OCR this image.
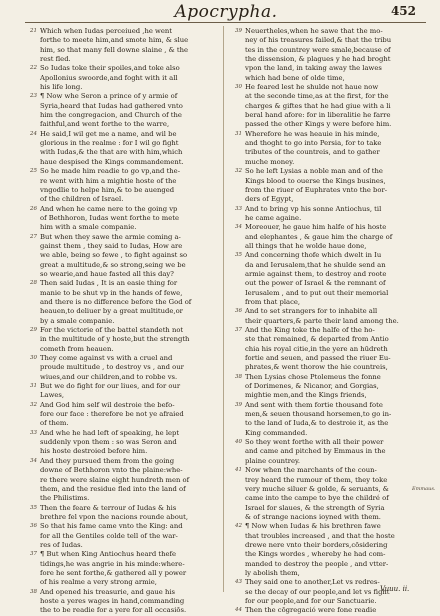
Apocrypha.	452
21 Which when Iudas perceiued ,he went
forthe to meete him,and smote him, & slue
him, so that many fell downe slaine , & the
rest fled.
22 So Iudas toke their spoiles,and toke also
Apollonius swoorde,and foght with it all
his life long.
23 ¶ Now whe Seron a prince of y armie of
Syria,heard that Iudas had gathered vnto
him the congregacion, and Church of the
faithful,and went forthe to the warre,
24 He said,I wil get me a name, and wil be
glorious in the realme : for I wil go fight
with Iudas,& the that are with him,which
haue despised the Kings commandement.
25 So he made him readie to go vp,and the-
re went with him a mightie hoste of the
vngodlie to helpe him,& to be auenged
of the children of Israel.
26 And when he came nere to the going vp
of Bethhoron, Iudas went forthe to mete
him with a smale companie.
27 But when they sawe the armie coming a-
gainst them , they said to Iudas, How are
we able, being so fewe , to fight against so
great a multitude,& so strong,seing we be
so wearie,and haue fasted all this day?
28 Then said Iudas , It is an easie thing for
manie to be shut vp in the hands of fewe,
and there is no difference before the God of
heauen,to deliuer by a great multitude,or
by a smale companie.
29 For the victorie of the battel standeth not
in the multitude of y hoste,but the strength
cometh from heauen.
30 They come against vs with a cruel and
proude multitude , to destroy vs , and our
wiues,and our children,and to robbe vs.
31 But we do fight for our liues, and for our
Lawes,
32 And God him self wil destroie the befo-
fore our face : therefore be not ye afraied
of them.
33 And whe he had left of speaking, he lept
suddenly vpon them : so was Seron and
his hoste destroied before him.
34 And they pursued them from the going
downe of Bethhoron vnto the plaine:whe-
re there were slaine eight hundreth men of
them, and the residue fled into the land of
the Philistims.
35 Then the feare & terrour of Iudas & his
brethre fel vpon the nacions rounde about,
36 So that his fame came vnto the King: and
for all the Gentiles colde tell of the war-
res of Iudas.
37 ¶ But when King Antiochus heard thefe
tidings,he was angrie in his minde:where-
fore he sent forthe,& gathered all y power
of his realme a very strong armie,
38 And opened his treasurie, and gaue his
hoste a yeres wages in hand,commanding
the to be readie for a yere for all occasiōs.
39 Neuertheles,when he sawe that the mo-
ney of his treasures failed,& that the tribu
tes in the countrey were smale,because of
the dissension, & plagues y he had broght
vpon the land, in taking away the lawes
which had bene of olde time,
30 He feared lest he shulde not haue now
at the seconde time,as at the first, for the
charges & giftes that he had giue with a li
beral hand afore: for in liberalitie he farre
passed the other Kings y were before him.
31 Wherefore he was heauie in his minde,
and thoght to go into Persia, for to take
tributes of the countreis, and to gather
muche money.
32 So he left Lysias a noble man and of the
Kings blood to ouerse the Kings busines,
from the riuer of Euphrates vnto the bor-
ders of Egypt,
33 And to bring vp his sonne Antiochus, til
he came againe.
34 Moreouer, he gaue him halfe of his hoste
and elephantes , & gaue him the charge of
all things that he wolde haue done,
35 And concerning thofe which dwelt in Iu
da and Ierusalem,that he shulde send an
armie against them, to destroy and roote
out the power of Israel & the remnant of
Ierusalem , and to put out their memorial
from that place,
36 And to set strangers for to inhabite all
their quarters,& parte their land among the.
37 And the King toke the halfe of the ho-
ste that remained, & departed from Antio
chia his royal citie,in the yere an hūdreth
fortie and seuen, and passed the riuer Eu-
phrates,& went thorow the hie countreis,
38 Then Lysias chose Ptolemeus the fonne
of Dorimenes, & Nicanor, and Gorgias,
mightie men,and the Kings friends,
39 And sent with them fortie thousand fote
men,& seuen thousand horsemen,to go in-
to the land of Iuda,& to destroie it, as the
King commanded.
40 So they went forthe with all their power
and came and pitched by Emmaus in the
plaine countrey.
41 Now when the marchants of the coun-
trey heard the rumour of them, they toke
very muche siluer & golde, & seruants, &
came into the campe to bye the childré of
Israel for slaues, & the strength of Syria
& of strange nacions ioyned with them.
42 ¶ Now when Iudas & his brethren fawe
that troubles increased , and that the hoste
drewe nere vnto their borders,cōsidering
the Kings wordes , whereby he had com-
manded to destroy the people , and vtter-
ly abolish them,
43 They said one to another,Let vs redres-
se the decay of our people,and let vs fight
for our people,and for our Sanctuarie.
44 Then the cōgregació were fone readie
Emmaus.
Vuuu. ii.
